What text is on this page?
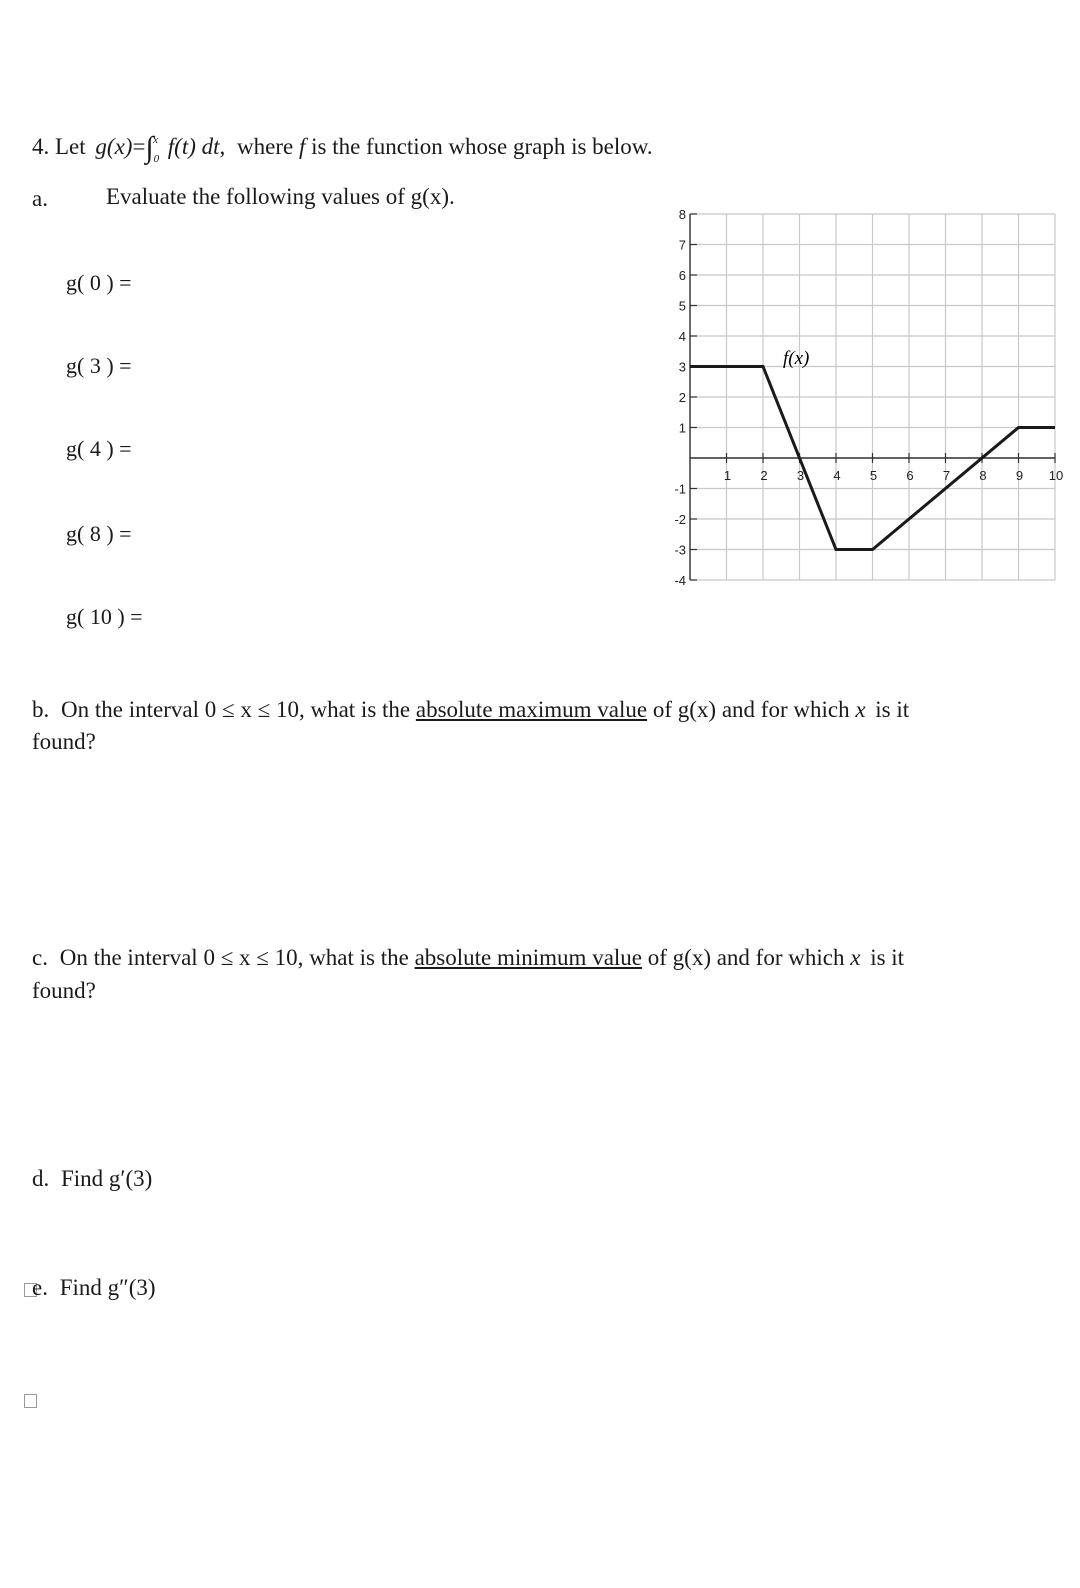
4. Let $g(x)=\int_0^x$ f(t) dt, where f is the function whose graph is below.
a.	Evaluate the following values of g(x).
g( 0 ) =
g( 3 ) =
g( 4 ) =
g( 8 ) =
g( 10 ) =
8
7
6
5
4
3
2
1
-1
-2
-3
-4
1 2 3 4 5 6 7 8 9 10
f(x)
b. On the interval 0 ≤ x ≤ 10, what is the absolute maximum value of g(x) and for which x is it
found?
c. On the interval 0 ≤ x ≤ 10, what is the absolute minimum value of g(x) and for which x is it
found?
d. Find g′(3)
e. Find g″(3)
